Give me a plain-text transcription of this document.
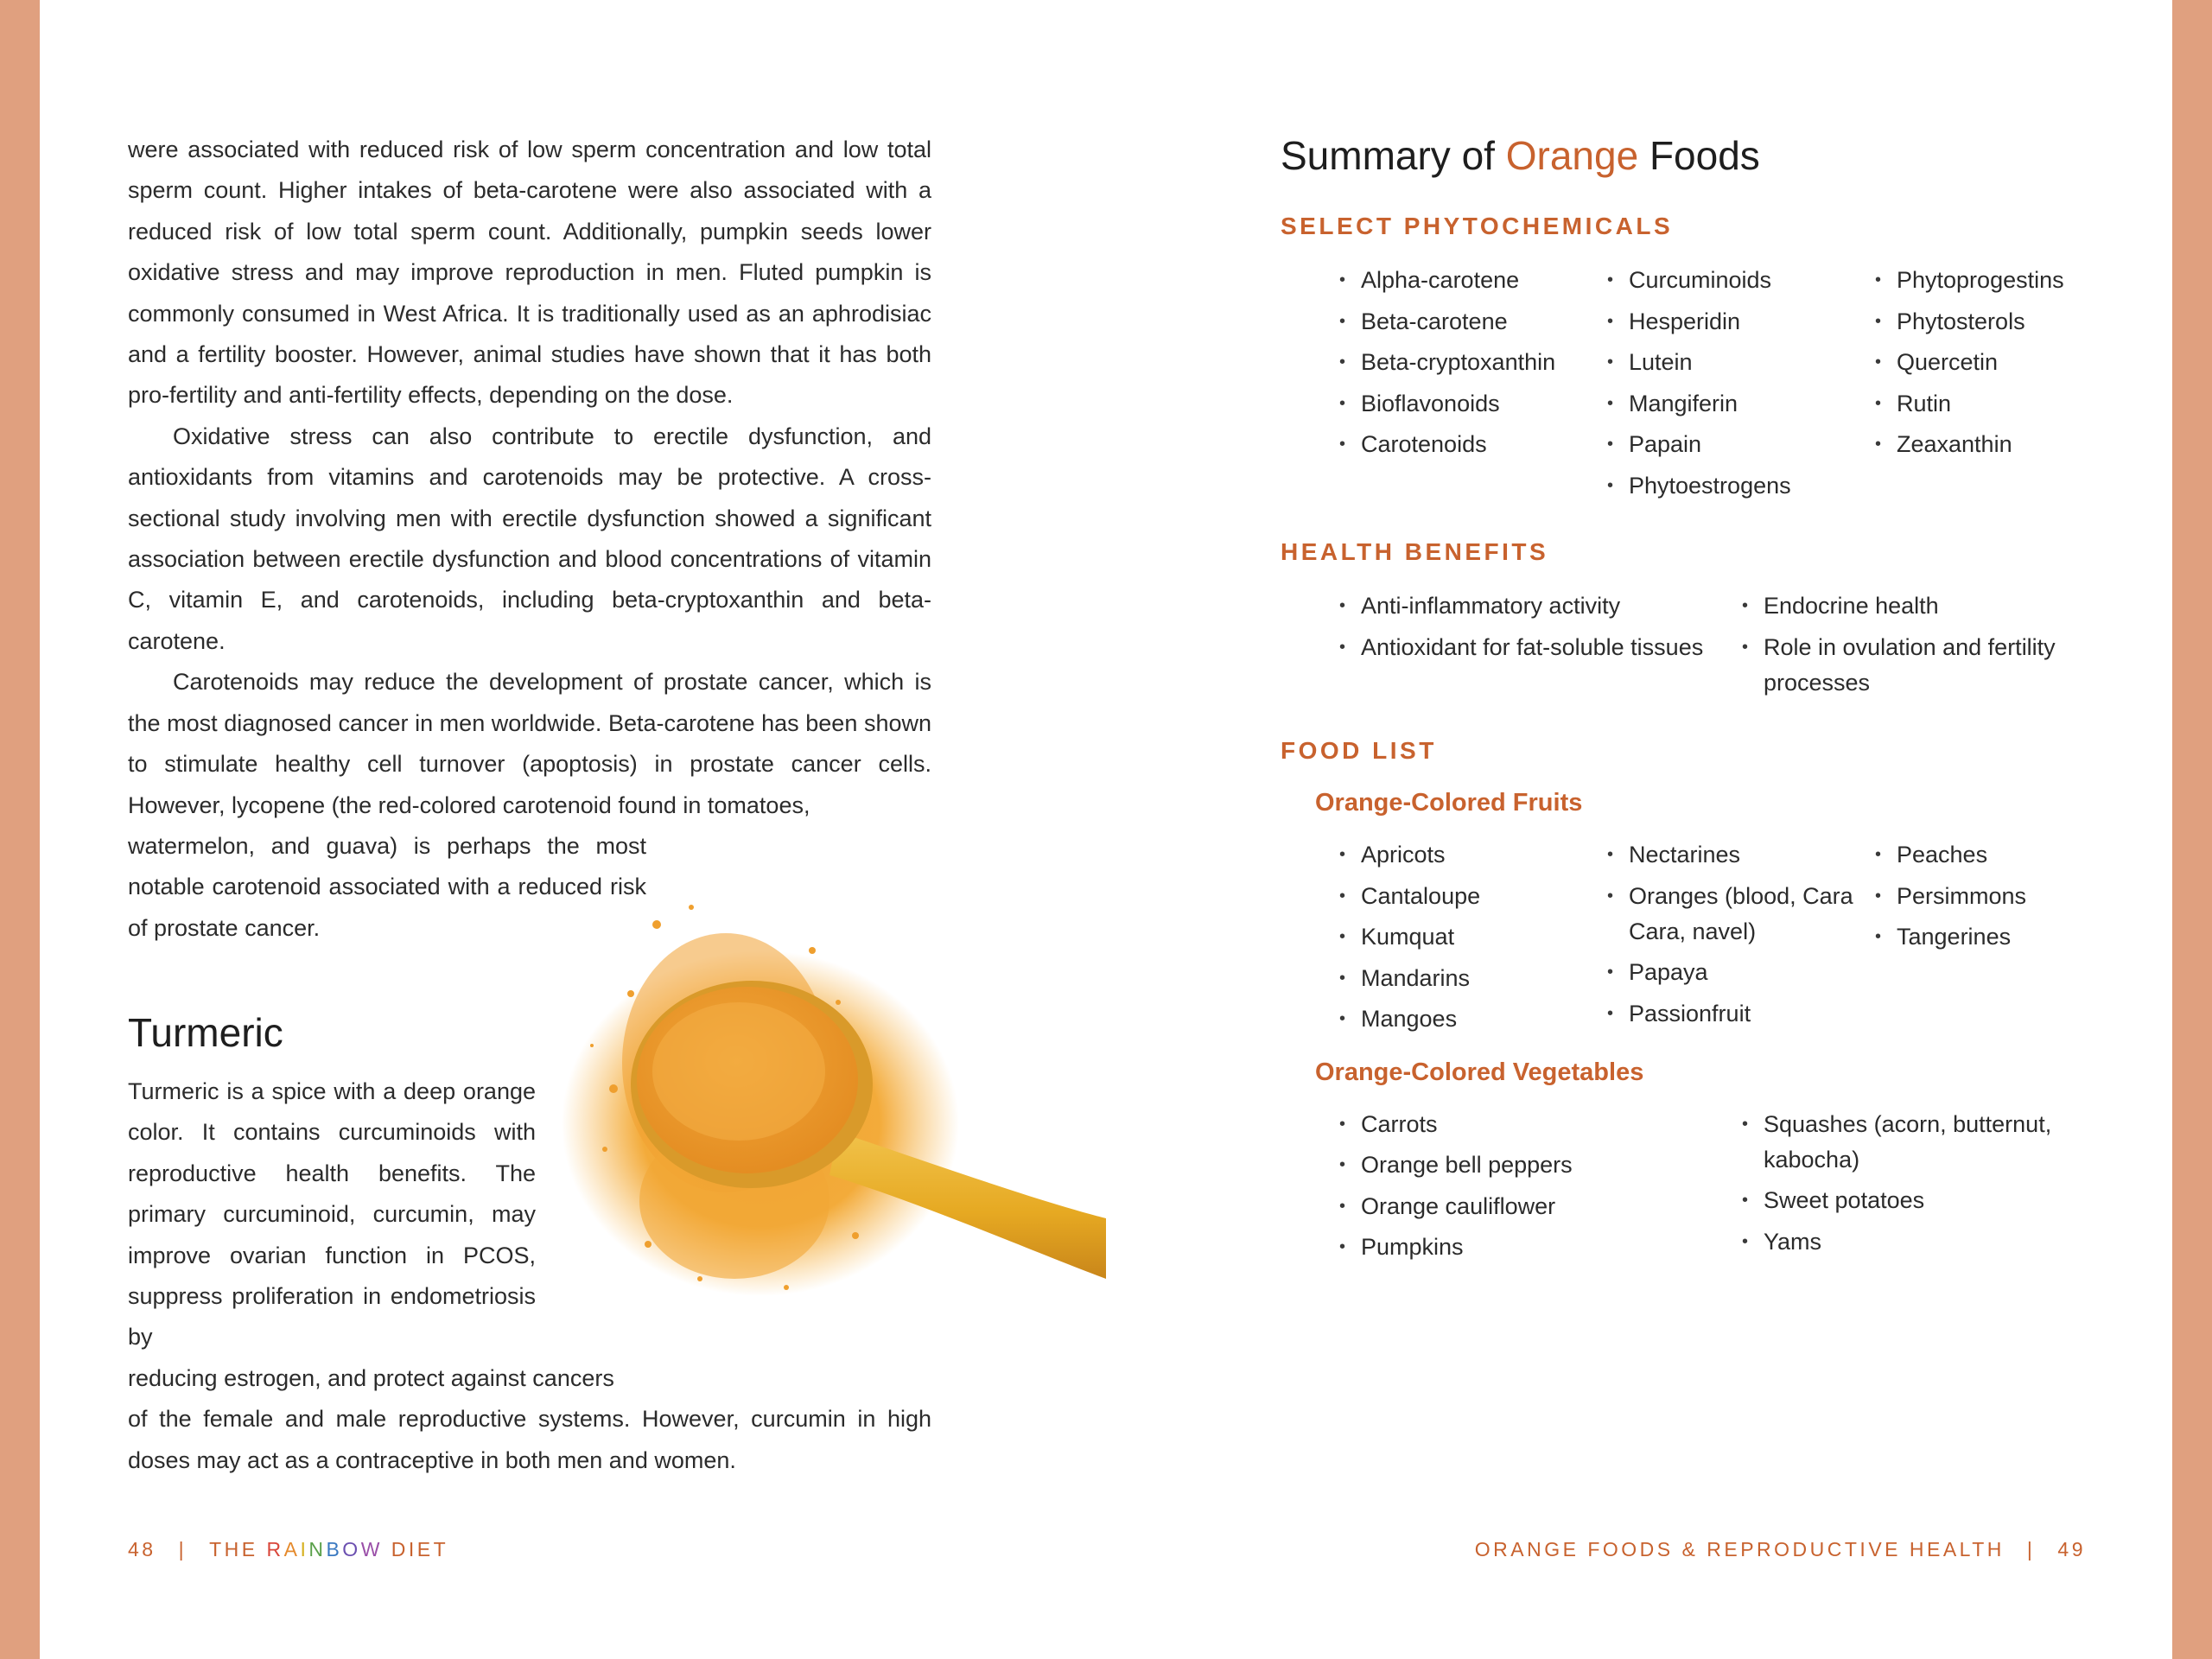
were associated with reduced risk of low sperm concentration and low total sperm count. Higher intakes of beta-carotene were also associated with a reduced risk of low total sperm count. Additionally, pumpkin seeds lower oxidative stress and may improve reproduction in men. Fluted pumpkin is commonly consumed in West Africa. It is traditionally used as an aphrodisiac and a fertility booster. However, animal studies have shown that it has both pro-fertility and anti-fertility effects, depending on the dose.

Oxidative stress can also contribute to erectile dysfunction, and antioxidants from vitamins and carotenoids may be protective. A cross-sectional study involving men with erectile dysfunction showed a significant association between erectile dysfunction and blood concentrations of vitamin C, vitamin E, and carotenoids, including beta-cryptoxanthin and beta-carotene.

Carotenoids may reduce the development of prostate cancer, which is the most diagnosed cancer in men worldwide. Beta-carotene has been shown to stimulate healthy cell turnover (apoptosis) in prostate cancer cells. However, lycopene (the red-colored carotenoid found in tomatoes,

watermelon, and guava) is perhaps the most notable carotenoid associated with a reduced risk of prostate cancer.

Turmeric

Turmeric is a spice with a deep orange color. It contains curcuminoids with reproductive health benefits. The primary curcuminoid, curcumin, may improve ovarian function in PCOS, suppress proliferation in endometriosis by

reducing estrogen, and protect against cancers

of the female and male reproductive systems. However, curcumin in high doses may act as a contraceptive in both men and women.

Summary of Orange Foods
SELECT PHYTOCHEMICALS
• Alpha-carotene
• Beta-carotene
• Beta-cryptoxanthin
• Bioflavonoids
• Carotenoids
• Curcuminoids
• Hesperidin
• Lutein
• Mangiferin
• Papain
• Phytoestrogens
• Phytoprogestins
• Phytosterols
• Quercetin
• Rutin
• Zeaxanthin
HEALTH BENEFITS
• Anti-inflammatory activity
• Antioxidant for fat-soluble tissues
• Endocrine health
• Role in ovulation and fertility processes
FOOD LIST
Orange-Colored Fruits
• Apricots
• Cantaloupe
• Kumquat
• Mandarins
• Mangoes
• Nectarines
• Oranges (blood, Cara Cara, navel)
• Papaya
• Passionfruit
• Peaches
• Persimmons
• Tangerines
Orange-Colored Vegetables
• Carrots
• Orange bell peppers
• Orange cauliflower
• Pumpkins
• Squashes (acorn, butternut, kabocha)
• Sweet potatoes
• Yams
48 | THE RAINBOW DIET	ORANGE FOODS & REPRODUCTIVE HEALTH | 49
